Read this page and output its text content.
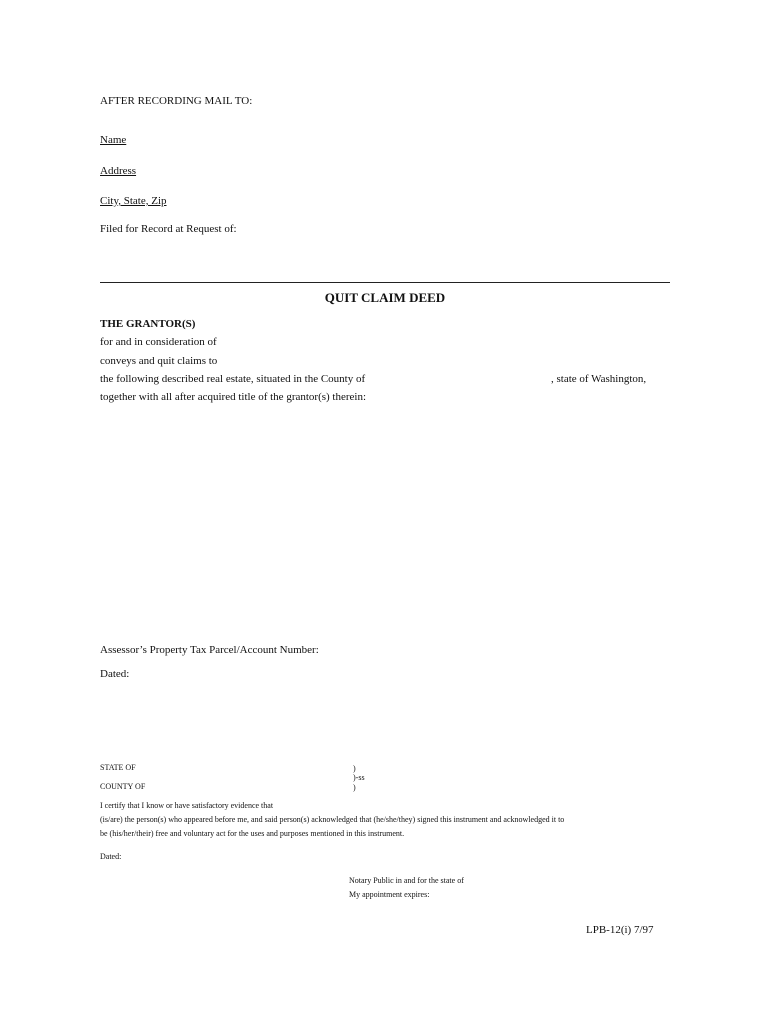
AFTER RECORDING MAIL TO:
Name
Address
City, State, Zip
Filed for Record at Request of:
QUIT CLAIM DEED
THE GRANTOR(S)
for and in consideration of
conveys and quit claims to
the following described real estate, situated in the County of	, state of Washington,
together with all after acquired title of the grantor(s) therein:
Assessor’s Property Tax Parcel/Account Number:
Dated:
STATE OF	)
)-ss
COUNTY OF	)
I certify that I know or have satisfactory evidence that
(is/are) the person(s) who appeared before me, and said person(s) acknowledged that (he/she/they) signed this instrument and acknowledged it to
be (his/her/their) free and voluntary act for the uses and purposes mentioned in this instrument.
Dated:
Notary Public in and for the state of
My appointment expires:
LPB-12(i) 7/97
